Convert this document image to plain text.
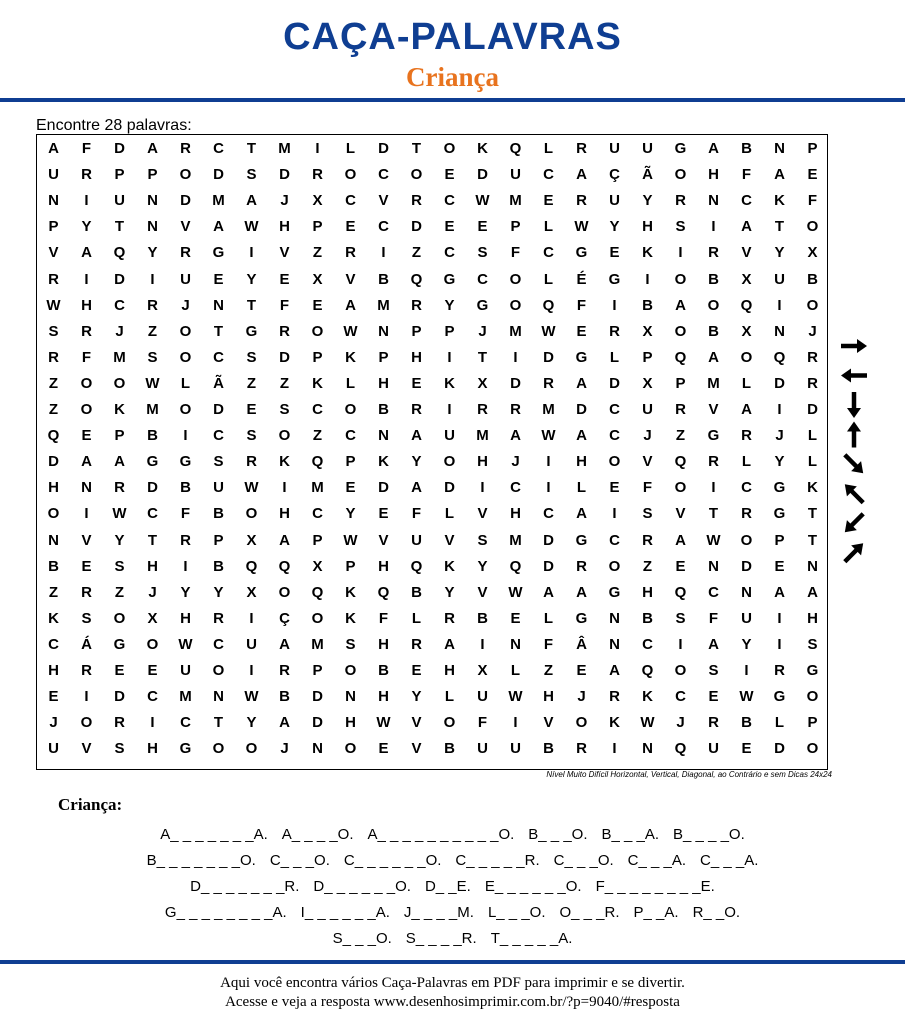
CAÇA-PALAVRAS
Criança
Encontre 28 palavras:
A	F	D	A	R	C	T	M	I	L	D	T	O	K	Q	L	R	U	U	G	A	B	N	P
U	R	P	P	O	D	S	D	R	O	C	O	E	D	U	C	A	Ç	Ã	O	H	F	A	E
N	I	U	N	D	M	A	J	X	C	V	R	C	W	M	E	R	U	Y	R	N	C	K	F
P	Y	T	N	V	A	W	H	P	E	C	D	E	E	P	L	W	Y	H	S	I	A	T	O
V	A	Q	Y	R	G	I	V	Z	R	I	Z	C	S	F	C	G	E	K	I	R	V	Y	X
R	I	D	I	U	E	Y	E	X	V	B	Q	G	C	O	L	É	G	I	O	B	X	U	B
W	H	C	R	J	N	T	F	E	A	M	R	Y	G	O	Q	F	I	B	A	O	Q	I	O
S	R	J	Z	O	T	G	R	O	W	N	P	P	J	M	W	E	R	X	O	B	X	N	J
R	F	M	S	O	C	S	D	P	K	P	H	I	T	I	D	G	L	P	Q	A	O	Q	R
Z	O	O	W	L	Ã	Z	Z	K	L	H	E	K	X	D	R	A	D	X	P	M	L	D	R
Z	O	K	M	O	D	E	S	C	O	B	R	I	R	R	M	D	C	U	R	V	A	I	D
Q	E	P	B	I	C	S	O	Z	C	N	A	U	M	A	W	A	C	J	Z	G	R	J	L
D	A	A	G	G	S	R	K	Q	P	K	Y	O	H	J	I	H	O	V	Q	R	L	Y	L
H	N	R	D	B	U	W	I	M	E	D	A	D	I	C	I	L	E	F	O	I	C	G	K
O	I	W	C	F	B	O	H	C	Y	E	F	L	V	H	C	A	I	S	V	T	R	G	T
N	V	Y	T	R	P	X	A	P	W	V	U	V	S	M	D	G	C	R	A	W	O	P	T
B	E	S	H	I	B	Q	Q	X	P	H	Q	K	Y	Q	D	R	O	Z	E	N	D	E	N
Z	R	Z	J	Y	Y	X	O	Q	K	Q	B	Y	V	W	A	A	G	H	Q	C	N	A	A
K	S	O	X	H	R	I	Ç	O	K	F	L	R	B	E	L	G	N	B	S	F	U	I	H
C	Á	G	O	W	C	U	A	M	S	H	R	A	I	N	F	Â	N	C	I	A	Y	I	S
H	R	E	E	U	O	I	R	P	O	B	E	H	X	L	Z	E	A	Q	O	S	I	R	G
E	I	D	C	M	N	W	B	D	N	H	Y	L	U	W	H	J	R	K	C	E	W	G	O
J	O	R	I	C	T	Y	A	D	H	W	V	O	F	I	V	O	K	W	J	R	B	L	P
U	V	S	H	G	O	O	J	N	O	E	V	B	U	U	B	R	I	N	Q	U	E	D	O
Nível Muito Difícil Horizontal, Vertical, Diagonal, ao Contrário e sem Dicas 24x24
Criança:
A_ _ _ _ _ _ _A. A_ _ _ _O. A_ _ _ _ _ _ _ _ _ _O. B_ _ _O. B_ _ _A. B_ _ _ _O.
B_ _ _ _ _ _ _O. C_ _ _O. C_ _ _ _ _ _O. C_ _ _ _ _R. C_ _ _O. C_ _ _A. C_ _ _A.
D_ _ _ _ _ _ _R. D_ _ _ _ _ _O. D_ _E. E_ _ _ _ _ _O. F_ _ _ _ _ _ _ _E.
G_ _ _ _ _ _ _ _A. I_ _ _ _ _ _A. J_ _ _ _M. L_ _ _O. O_ _ _R. P_ _A. R_ _O.
S_ _ _O. S_ _ _ _R. T_ _ _ _ _A.
Aqui você encontra vários Caça-Palavras em PDF para imprimir e se divertir.
Acesse e veja a resposta www.desenhosimprimir.com.br/?p=9040/#resposta
